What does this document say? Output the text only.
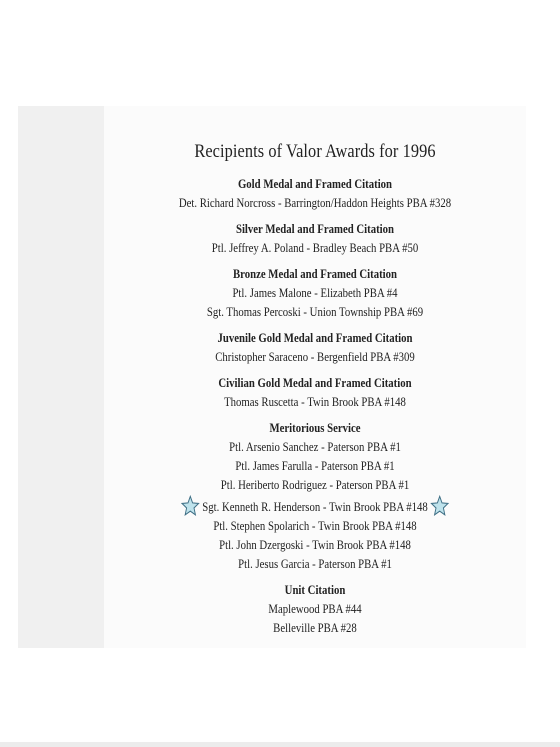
Recipients of Valor Awards for 1996
Gold Medal and Framed Citation
Det. Richard Norcross - Barrington/Haddon Heights PBA #328
Silver Medal and Framed Citation
Ptl. Jeffrey A. Poland - Bradley Beach PBA #50
Bronze Medal and Framed Citation
Ptl. James Malone - Elizabeth PBA #4
Sgt. Thomas Percoski - Union Township PBA #69
Juvenile Gold Medal and Framed Citation
Christopher Saraceno - Bergenfield PBA #309
Civilian Gold Medal and Framed Citation
Thomas Ruscetta - Twin Brook PBA #148
Meritorious Service
Ptl. Arsenio Sanchez - Paterson PBA #1
Ptl. James Farulla - Paterson PBA #1
Ptl. Heriberto Rodriguez - Paterson PBA #1
Sgt. Kenneth R. Henderson - Twin Brook PBA #148
Ptl. Stephen Spolarich - Twin Brook PBA #148
Ptl. John Dzergoski - Twin Brook PBA #148
Ptl. Jesus Garcia - Paterson PBA #1
Unit Citation
Maplewood PBA #44
Belleville PBA #28
